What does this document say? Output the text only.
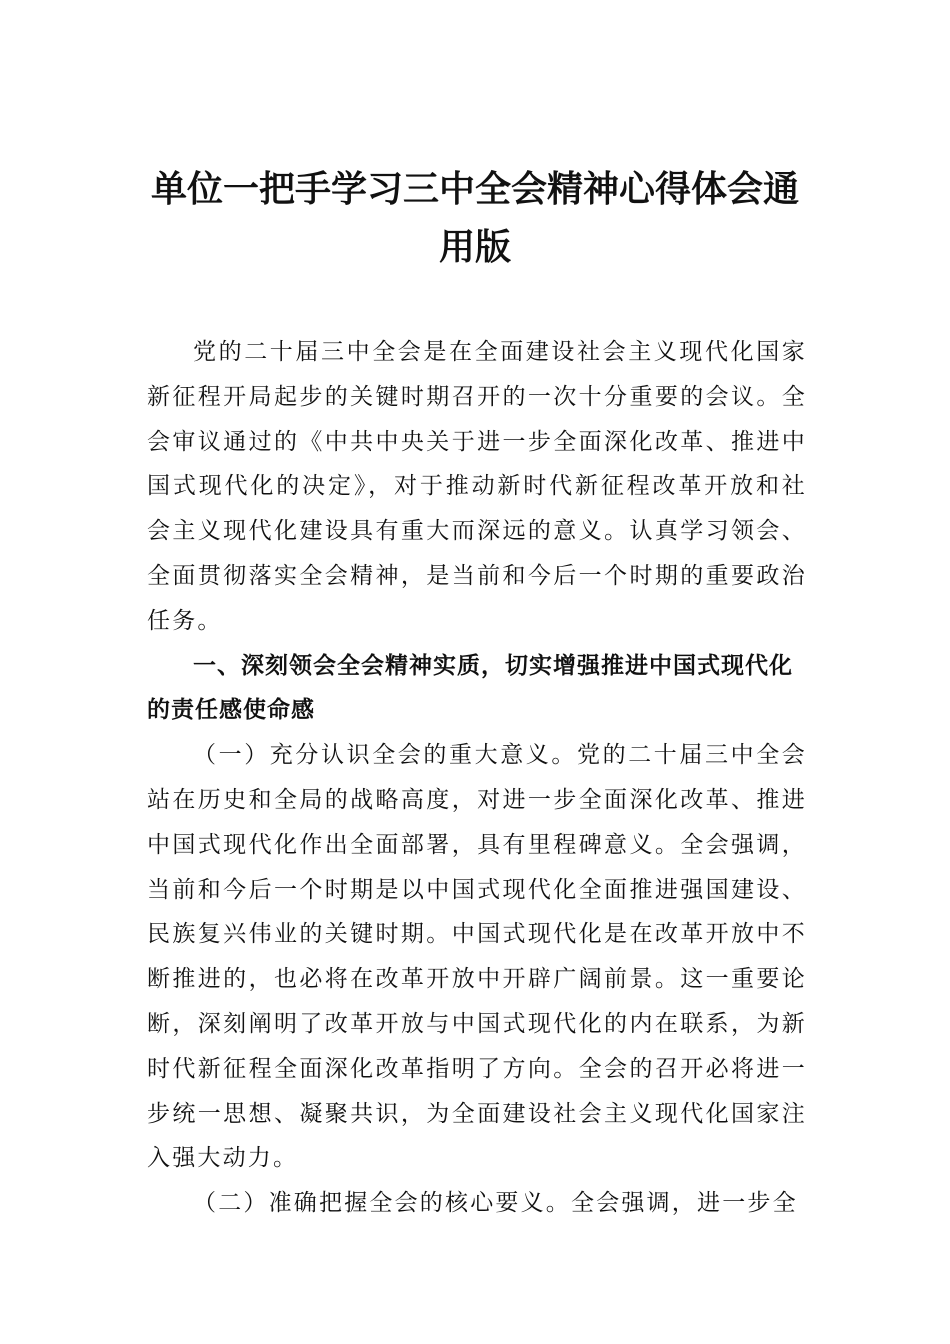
单位一把手学习三中全会精神心得体会通
用版

党的二十届三中全会是在全面建设社会主义现代化国家新征程开局起步的关键时期召开的一次十分重要的会议。全会审议通过的《中共中央关于进一步全面深化改革、推进中国式现代化的决定》，对于推动新时代新征程改革开放和社会主义现代化建设具有重大而深远的意义。认真学习领会、全面贯彻落实全会精神，是当前和今后一个时期的重要政治任务。

一、深刻领会全会精神实质，切实增强推进中国式现代化的责任感使命感

（一）充分认识全会的重大意义。党的二十届三中全会站在历史和全局的战略高度，对进一步全面深化改革、推进中国式现代化作出全面部署，具有里程碑意义。全会强调，当前和今后一个时期是以中国式现代化全面推进强国建设、民族复兴伟业的关键时期。中国式现代化是在改革开放中不断推进的，也必将在改革开放中开辟广阔前景。这一重要论断，深刻阐明了改革开放与中国式现代化的内在联系，为新时代新征程全面深化改革指明了方向。全会的召开必将进一步统一思想、凝聚共识，为全面建设社会主义现代化国家注入强大动力。

（二）准确把握全会的核心要义。全会强调，进一步全
